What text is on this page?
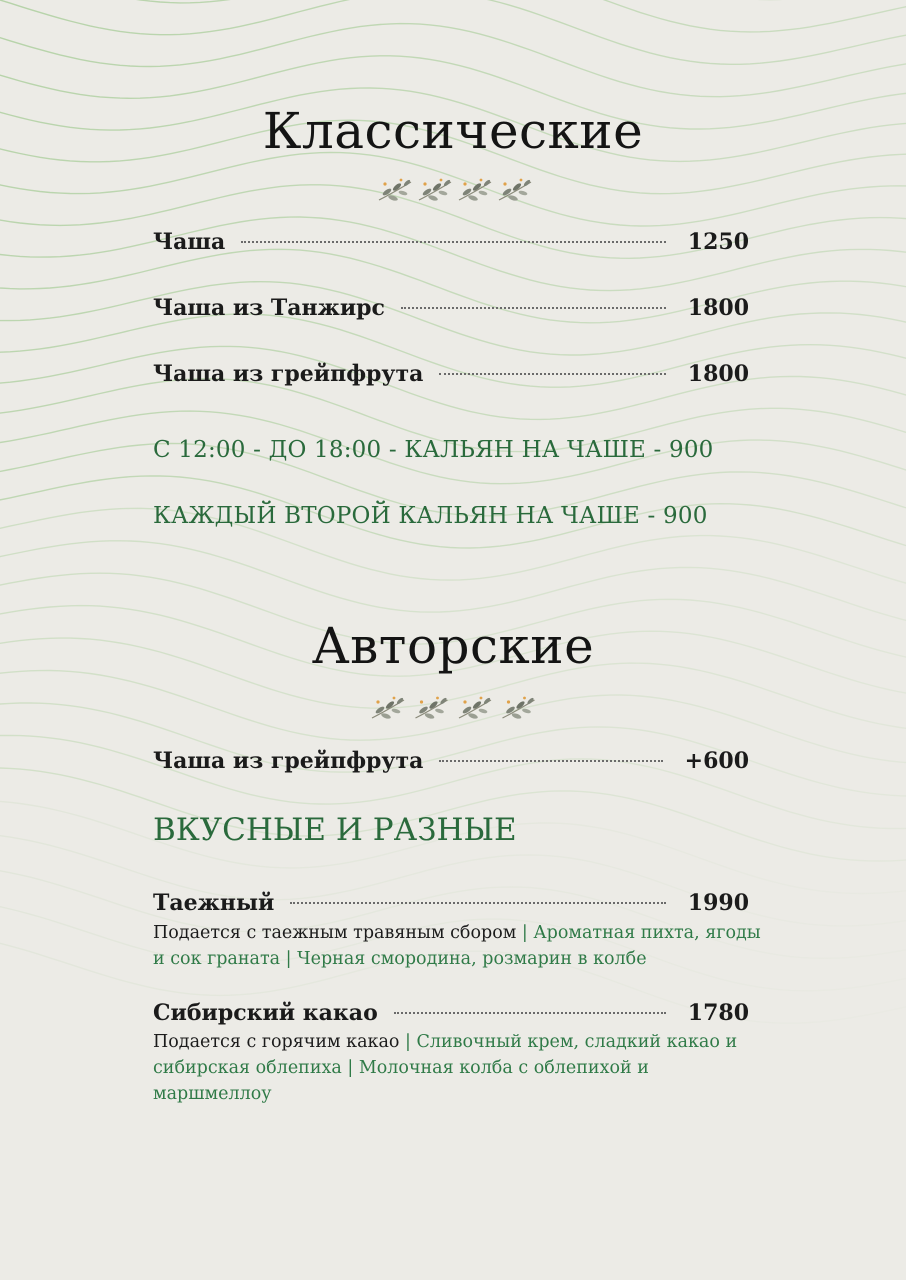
Классические
Чаша	1250
Чаша из Танжирс	1800
Чаша из грейпфрута	1800
С 12:00 - ДО 18:00 - КАЛЬЯН НА ЧАШЕ - 900
КАЖДЫЙ ВТОРОЙ КАЛЬЯН НА ЧАШЕ - 900
Авторские
Чаша из грейпфрута	+600
ВКУСНЫЕ И РАЗНЫЕ
Таежный	1990
Подается с таежным травяным сбором | Ароматная пихта, ягоды и сок граната | Черная смородина, розмарин в колбе
Сибирский какао	1780
Подается с горячим какао | Сливочный крем, сладкий какао и сибирская облепиха | Молочная колба с облепихой и маршмеллоу
